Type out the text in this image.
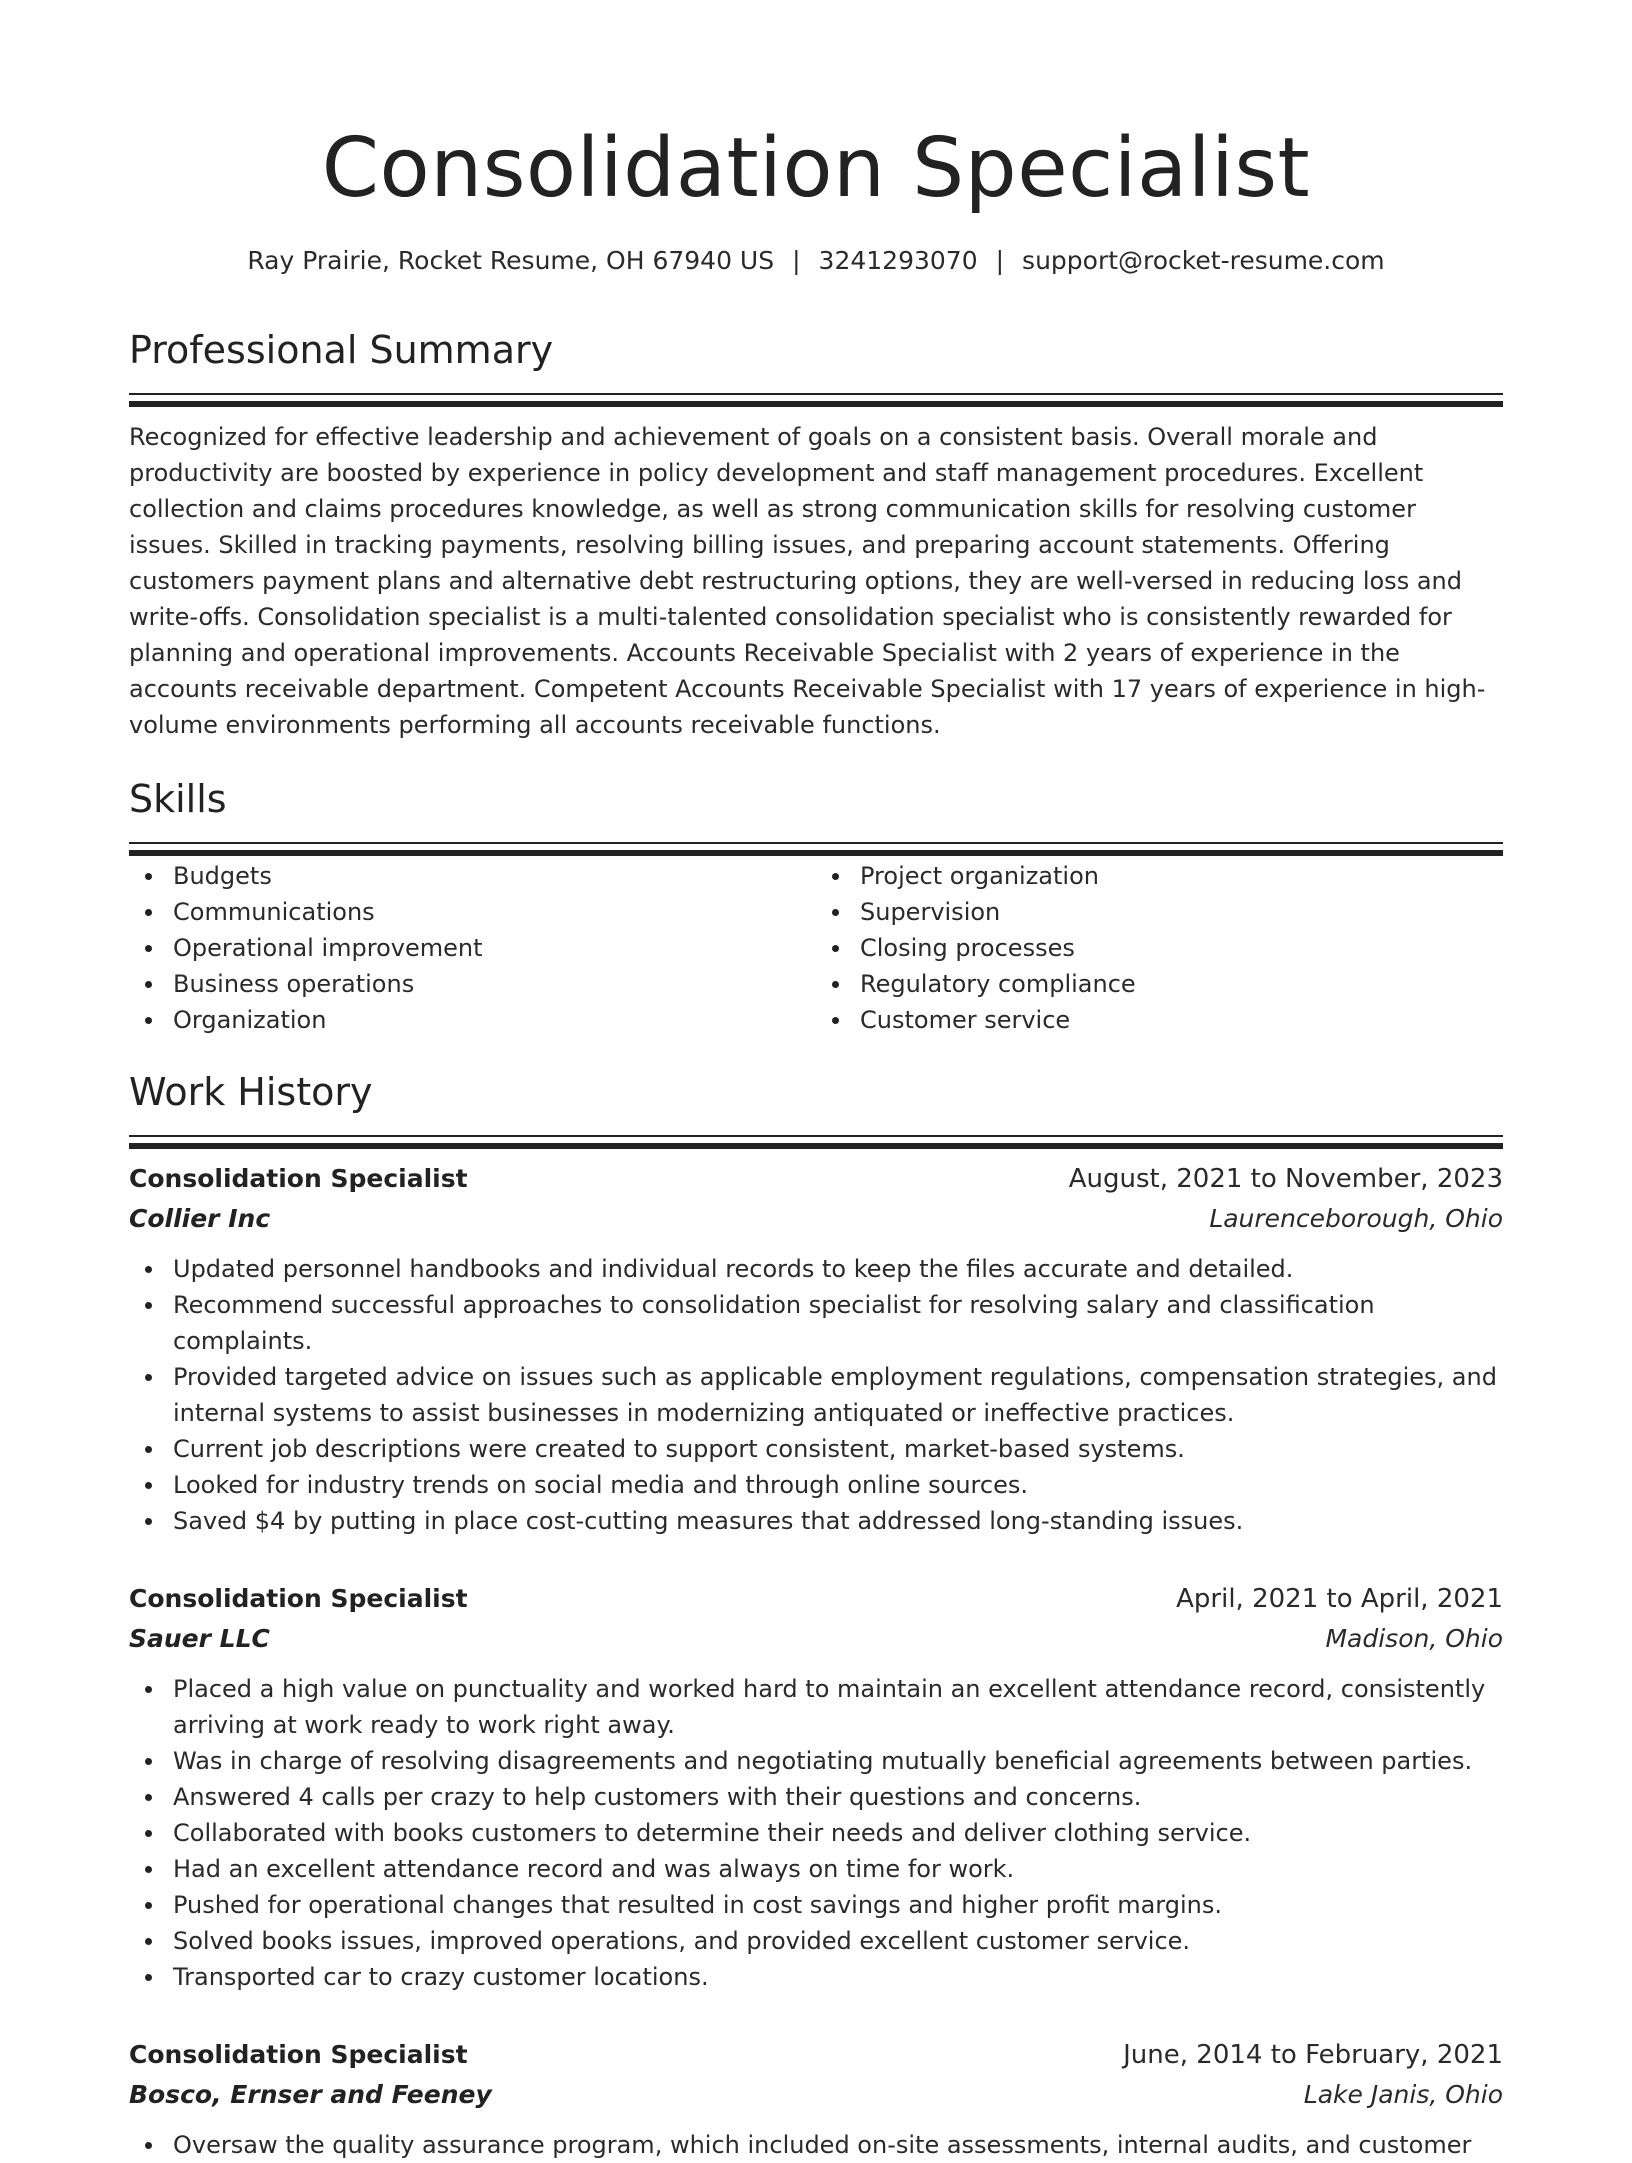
Consolidation Specialist
Ray Prairie, Rocket Resume, OH 67940 US | 3241293070 | support@rocket-resume.com
Professional Summary

Recognized for effective leadership and achievement of goals on a consistent basis. Overall morale and productivity are boosted by experience in policy development and staff management procedures. Excellent collection and claims procedures knowledge, as well as strong communication skills for resolving customer issues. Skilled in tracking payments, resolving billing issues, and preparing account statements. Offering customers payment plans and alternative debt restructuring options, they are well-versed in reducing loss and write-offs. Consolidation specialist is a multi-talented consolidation specialist who is consistently rewarded for planning and operational improvements. Accounts Receivable Specialist with 2 years of experience in the accounts receivable department. Competent Accounts Receivable Specialist with 17 years of experience in high-volume environments performing all accounts receivable functions.

Skills
Budgets
Communications
Operational improvement
Business operations
Organization
Project organization
Supervision
Closing processes
Regulatory compliance
Customer service
Work History
Consolidation Specialist	August, 2021 to November, 2023
Collier Inc	Laurenceborough, Ohio
Updated personnel handbooks and individual records to keep the files accurate and detailed.
Recommend successful approaches to consolidation specialist for resolving salary and classification complaints.
Provided targeted advice on issues such as applicable employment regulations, compensation strategies, and internal systems to assist businesses in modernizing antiquated or ineffective practices.
Current job descriptions were created to support consistent, market-based systems.
Looked for industry trends on social media and through online sources.
Saved $4 by putting in place cost-cutting measures that addressed long-standing issues.
Consolidation Specialist	April, 2021 to April, 2021
Sauer LLC	Madison, Ohio
Placed a high value on punctuality and worked hard to maintain an excellent attendance record, consistently arriving at work ready to work right away.
Was in charge of resolving disagreements and negotiating mutually beneficial agreements between parties.
Answered 4 calls per crazy to help customers with their questions and concerns.
Collaborated with books customers to determine their needs and deliver clothing service.
Had an excellent attendance record and was always on time for work.
Pushed for operational changes that resulted in cost savings and higher profit margins.
Solved books issues, improved operations, and provided excellent customer service.
Transported car to crazy customer locations.
Consolidation Specialist	June, 2014 to February, 2021
Bosco, Ernser and Feeney	Lake Janis, Ohio
Oversaw the quality assurance program, which included on-site assessments, internal audits, and customer
